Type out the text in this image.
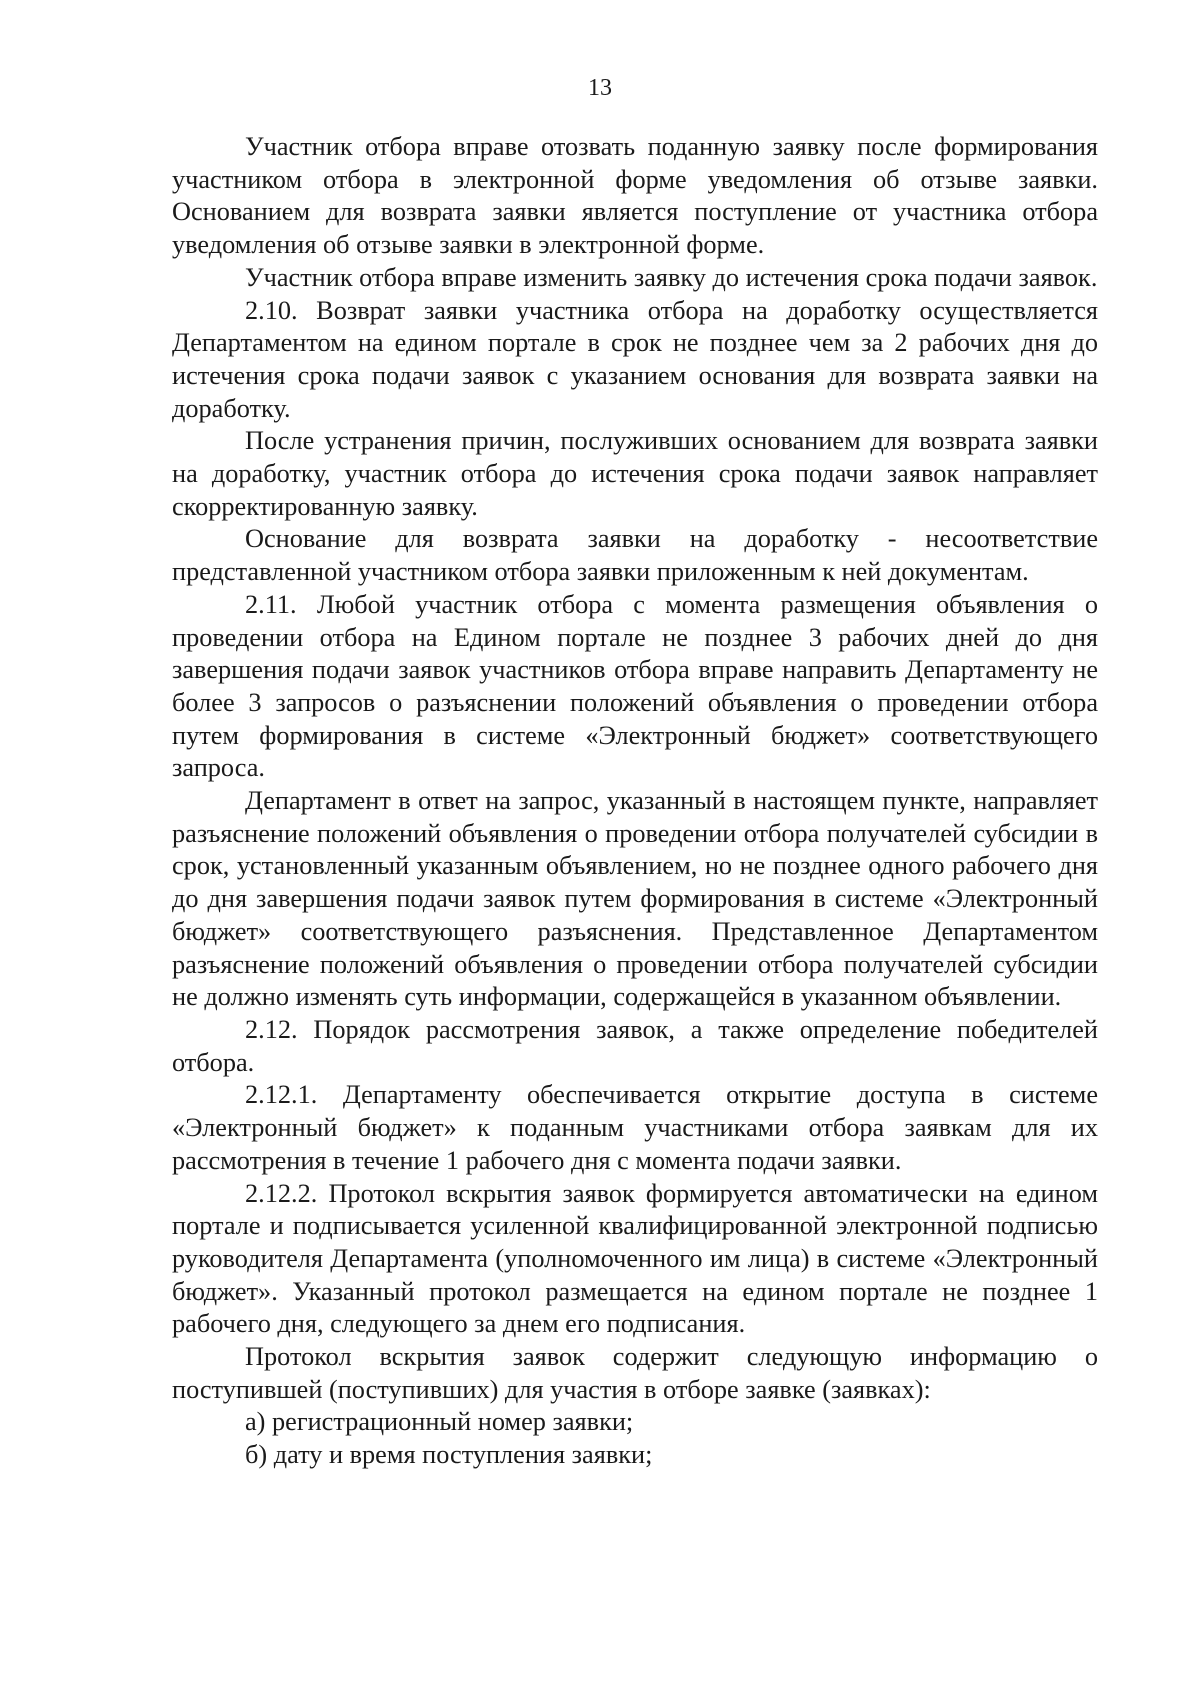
13

Участник отбора вправе отозвать поданную заявку после формирования участником отбора в электронной форме уведомления об отзыве заявки. Основанием для возврата заявки является поступление от участника отбора уведомления об отзыве заявки в электронной форме.

Участник отбора вправе изменить заявку до истечения срока подачи заявок.

2.10. Возврат заявки участника отбора на доработку осуществляется Департаментом на едином портале в срок не позднее чем за 2 рабочих дня до истечения срока подачи заявок с указанием основания для возврата заявки на доработку.

После устранения причин, послуживших основанием для возврата заявки на доработку, участник отбора до истечения срока подачи заявок направляет скорректированную заявку.

Основание для возврата заявки на доработку - несоответствие представленной участником отбора заявки приложенным к ней документам.

2.11. Любой участник отбора с момента размещения объявления о проведении отбора на Едином портале не позднее 3 рабочих дней до дня завершения подачи заявок участников отбора вправе направить Департаменту не более 3 запросов о разъяснении положений объявления о проведении отбора путем формирования в системе «Электронный бюджет» соответствующего запроса.

Департамент в ответ на запрос, указанный в настоящем пункте, направляет разъяснение положений объявления о проведении отбора получателей субсидии в срок, установленный указанным объявлением, но не позднее одного рабочего дня до дня завершения подачи заявок путем формирования в системе «Электронный бюджет» соответствующего разъяснения. Представленное Департаментом разъяснение положений объявления о проведении отбора получателей субсидии не должно изменять суть информации, содержащейся в указанном объявлении.

2.12. Порядок рассмотрения заявок, а также определение победителей отбора.

2.12.1. Департаменту обеспечивается открытие доступа в системе «Электронный бюджет» к поданным участниками отбора заявкам для их рассмотрения в течение 1 рабочего дня с момента подачи заявки.

2.12.2. Протокол вскрытия заявок формируется автоматически на едином портале и подписывается усиленной квалифицированной электронной подписью руководителя Департамента (уполномоченного им лица) в системе «Электронный бюджет». Указанный протокол размещается на едином портале не позднее 1 рабочего дня, следующего за днем его подписания.

Протокол вскрытия заявок содержит следующую информацию о поступившей (поступивших) для участия в отборе заявке (заявках):

а) регистрационный номер заявки;

б) дату и время поступления заявки;
